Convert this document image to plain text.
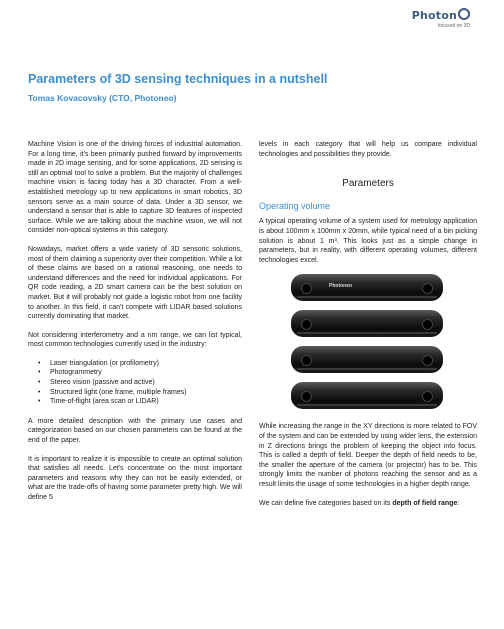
Photon
focused on 3D
Parameters of 3D sensing techniques in a nutshell
Tomas Kovacovsky (CTO, Photoneo)

Machine Vision is one of the driving forces of industrial automation. For a long time, it's been primarily pushed forward by improvements made in 2D image sensing, and for some applications, 2D sensing is still an optimal tool to solve a problem. But the majority of challenges machine vision is facing today has a 3D character. From a well-established metrology up to new applications in smart robotics, 3D sensors serve as a main source of data. Under a 3D sensor, we understand a sensor that is able to capture 3D features of inspected surface. While we are talking about the machine vision, we will not consider non-optical systems in this category.

Nowadays, market offers a wide variety of 3D sensoric solutions, most of them claiming a superiority over their competition. While a lot of these claims are based on a rational reasoning, one needs to understand differences and the need for individual applications. For QR code reading, a 2D smart camera can be the best solution on market. But it will probably not guide a logistic robot from one facility to another. In this field, it can't compete with LIDAR based solutions currently dominating that market.

Not considering interferometry and a nm range, we can list typical, most common technologies currently used in the industry:

• Laser triangulation (or profilometry)
• Photogrammetry
• Stereo vision (passive and active)
• Structured light (one frame, multiple frames)
• Time-of-flight (area scan or LIDAR)

A more detailed description with the primary use cases and categorization based on our chosen parameters can be found at the end of the paper.

It is important to realize it is impossible to create an optimal solution that satisfies all needs. Let's concentrate on the most important parameters and reasons why they can not be easily extended, or what are the trade-offs of having some parameter pretty high. We will define 5

levels in each category that will help us compare individual technologies and possibilities they provide.

Parameters
Operating volume

A typical operating volume of a system used for metrology application is about 100mm x 100mm x 20mm, while typical need of a bin picking solution is about 1 m³. This looks just as a simple change in parameters, but in reality, with different operating volumes, different technologies excel.

Photoneo

While increasing the range in the XY directions is more related to FOV of the system and can be extended by using wider lens, the extension in Z directions brings the problem of keeping the object into focus. This is called a depth of field. Deeper the depth of field needs to be, the smaller the aperture of the camera (or projector) has to be. This strongly limits the number of photons reaching the sensor and as a result limits the usage of some technologies in a higher depth range.

We can define five categories based on its depth of field range:
